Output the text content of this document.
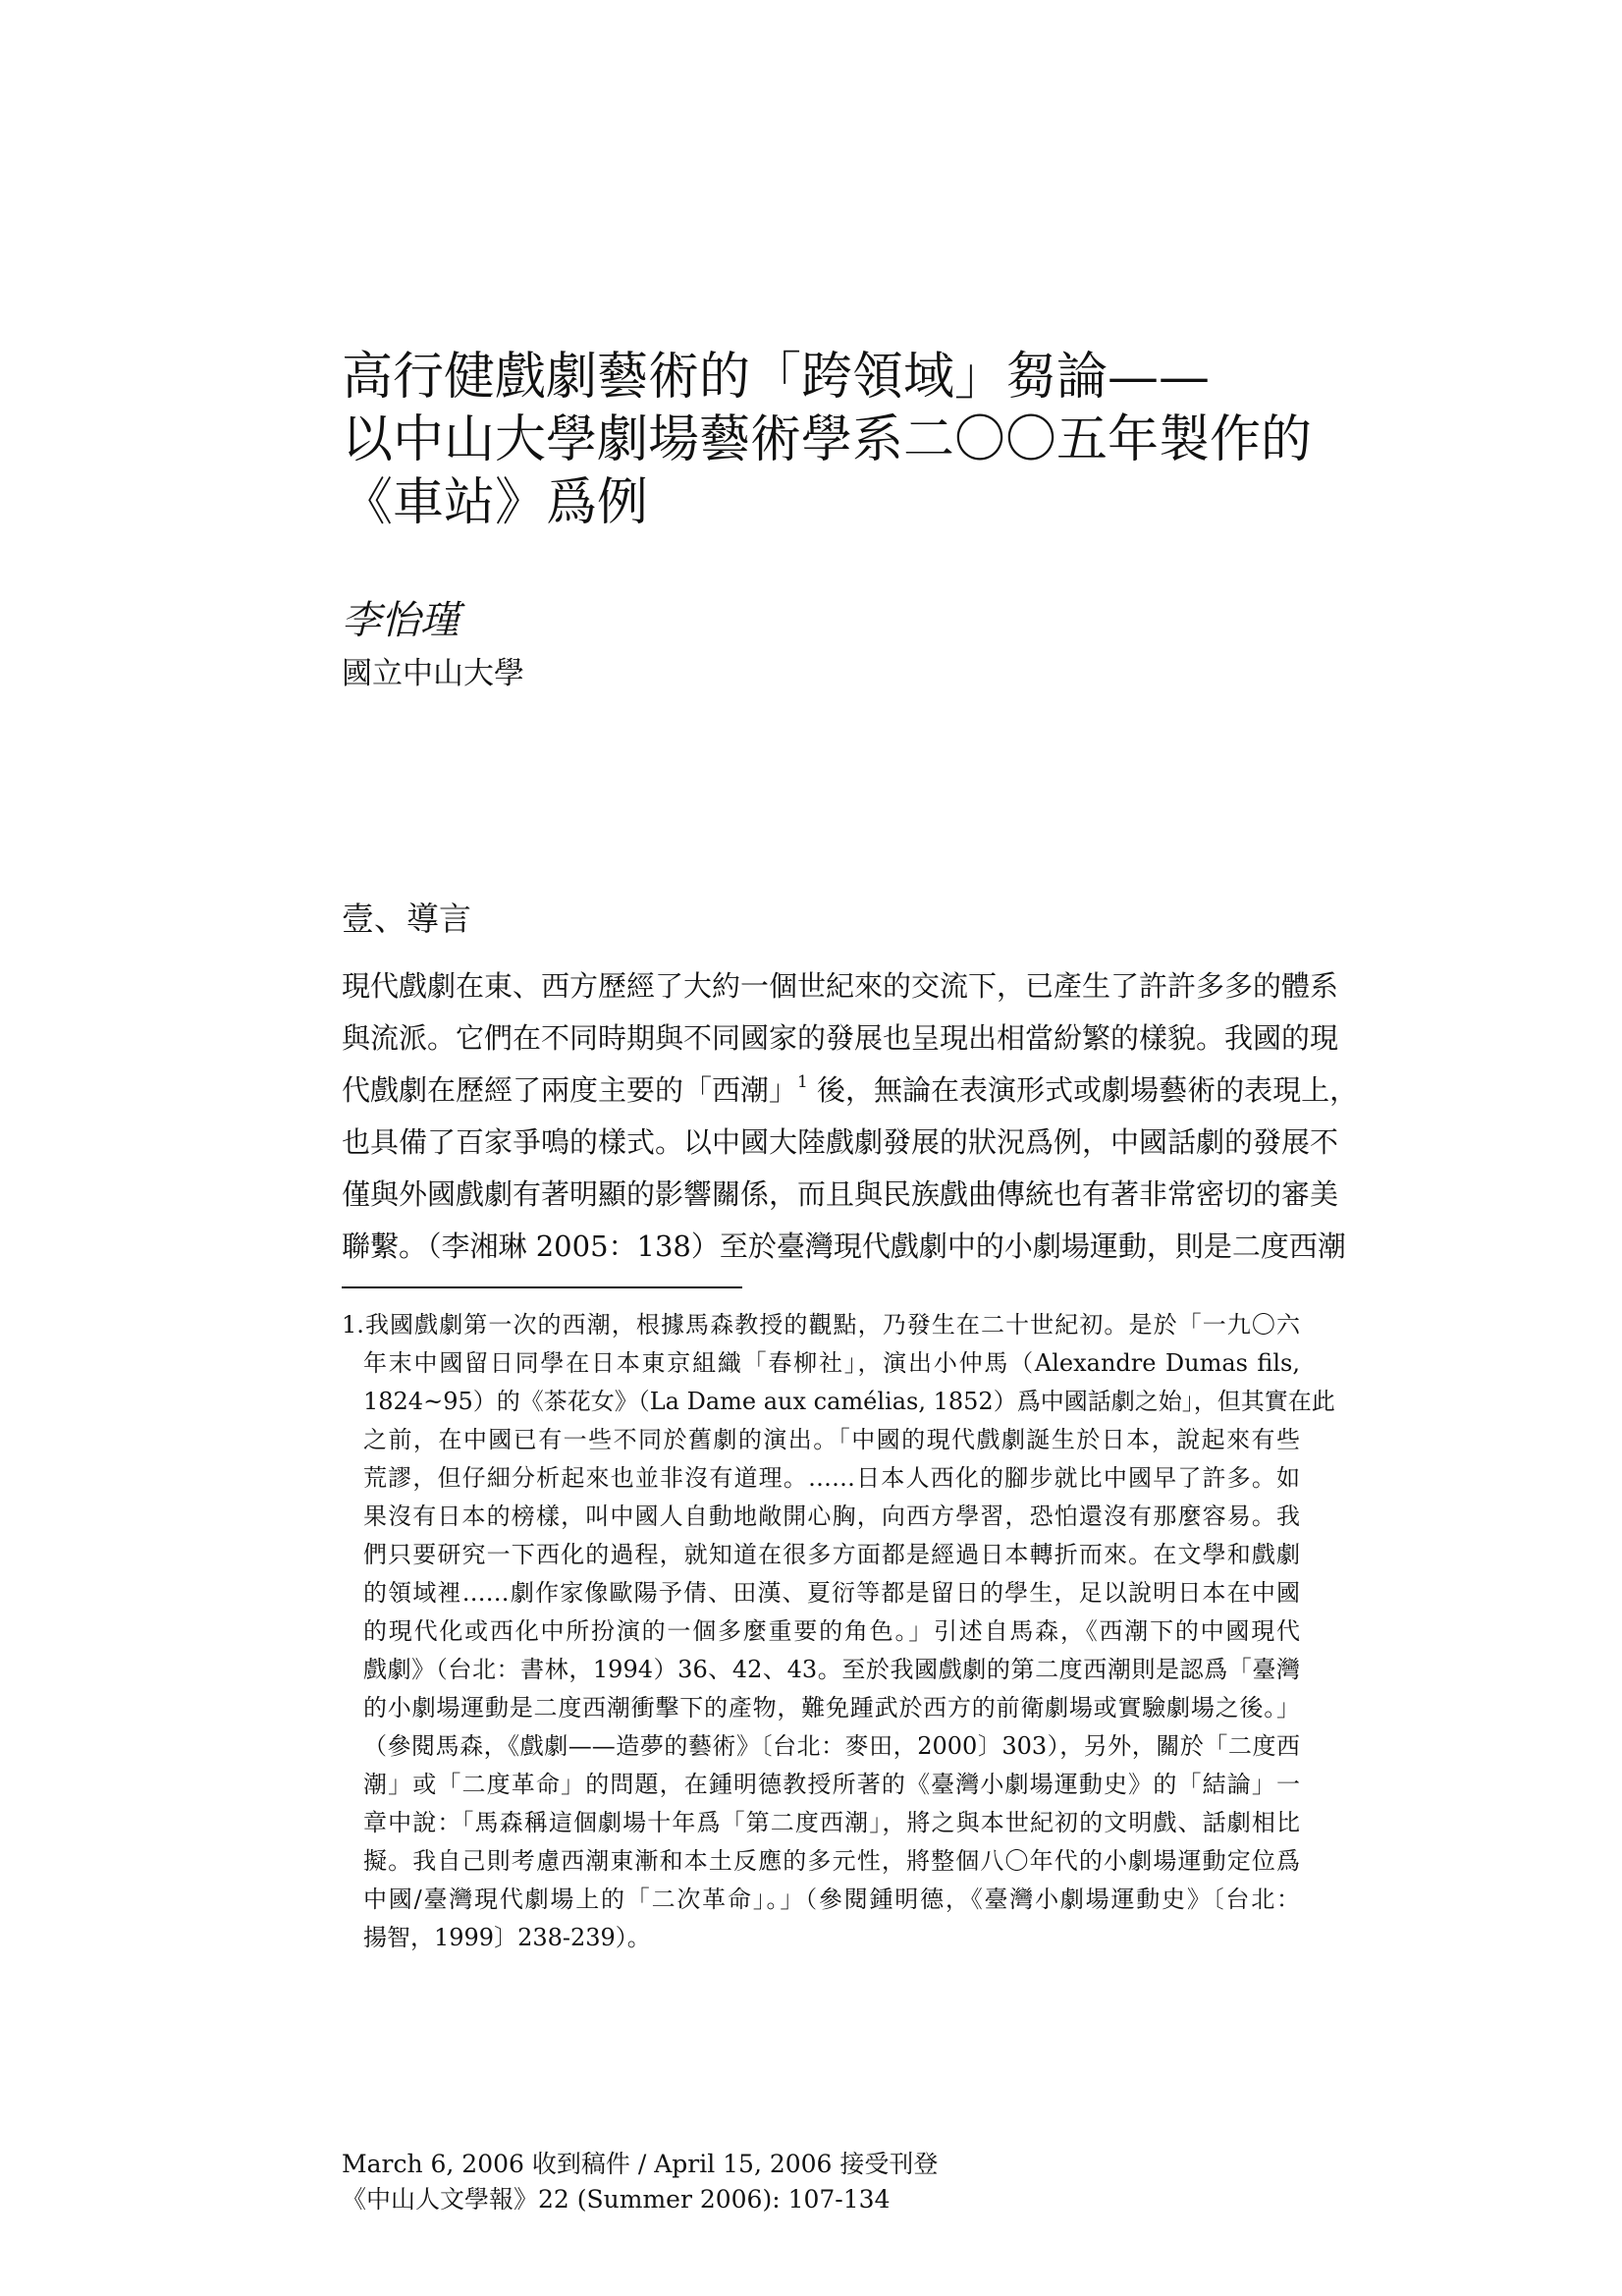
高行健戲劇藝術的「跨領域」芻論——
以中山大學劇場藝術學系二〇〇五年製作的
《車站》爲例
李怡瑾
國立中山大學
壹、導言
現代戲劇在東、西方歷經了大約一個世紀來的交流下，已產生了許許多多的體系
與流派。它們在不同時期與不同國家的發展也呈現出相當紛繁的樣貌。我國的現
代戲劇在歷經了兩度主要的「西潮」$^1$ 後，無論在表演形式或劇場藝術的表現上，
也具備了百家爭鳴的樣式。以中國大陸戲劇發展的狀況爲例，中國話劇的發展不
僅與外國戲劇有著明顯的影響關係，而且與民族戲曲傳統也有著非常密切的審美
聯繫。（李湘琳 2005：138）至於臺灣現代戲劇中的小劇場運動，則是二度西潮
1.我國戲劇第一次的西潮，根據馬森教授的觀點，乃發生在二十世紀初。是於「一九〇六
年末中國留日同學在日本東京組織「春柳社」，演出小仲馬（Alexandre Dumas fils,
1824~95）的《茶花女》（La Dame aux camélias, 1852）爲中國話劇之始」，但其實在此
之前，在中國已有一些不同於舊劇的演出。「中國的現代戲劇誕生於日本，說起來有些
荒謬，但仔細分析起來也並非沒有道理。……日本人西化的腳步就比中國早了許多。如
果沒有日本的榜樣，叫中國人自動地敞開心胸，向西方學習，恐怕還沒有那麼容易。我
們只要研究一下西化的過程，就知道在很多方面都是經過日本轉折而來。在文學和戲劇
的領域裡……劇作家像歐陽予倩、田漢、夏衍等都是留日的學生，足以說明日本在中國
的現代化或西化中所扮演的一個多麼重要的角色。」引述自馬森，《西潮下的中國現代
戲劇》（台北：書林，1994）36、42、43。至於我國戲劇的第二度西潮則是認爲「臺灣
的小劇場運動是二度西潮衝擊下的產物，難免踵武於西方的前衛劇場或實驗劇場之後。」
（參閱馬森，《戲劇——造夢的藝術》〔台北：麥田，2000〕303），另外，關於「二度西
潮」或「二度革命」的問題，在鍾明德教授所著的《臺灣小劇場運動史》的「結論」一
章中說：「馬森稱這個劇場十年爲「第二度西潮」，將之與本世紀初的文明戲、話劇相比
擬。我自己則考慮西潮東漸和本土反應的多元性，將整個八〇年代的小劇場運動定位爲
中國/臺灣現代劇場上的「二次革命」。」（參閱鍾明德，《臺灣小劇場運動史》〔台北：
揚智，1999〕238-239）。
March 6, 2006 收到稿件 / April 15, 2006 接受刊登
《中山人文學報》22 (Summer 2006): 107-134
